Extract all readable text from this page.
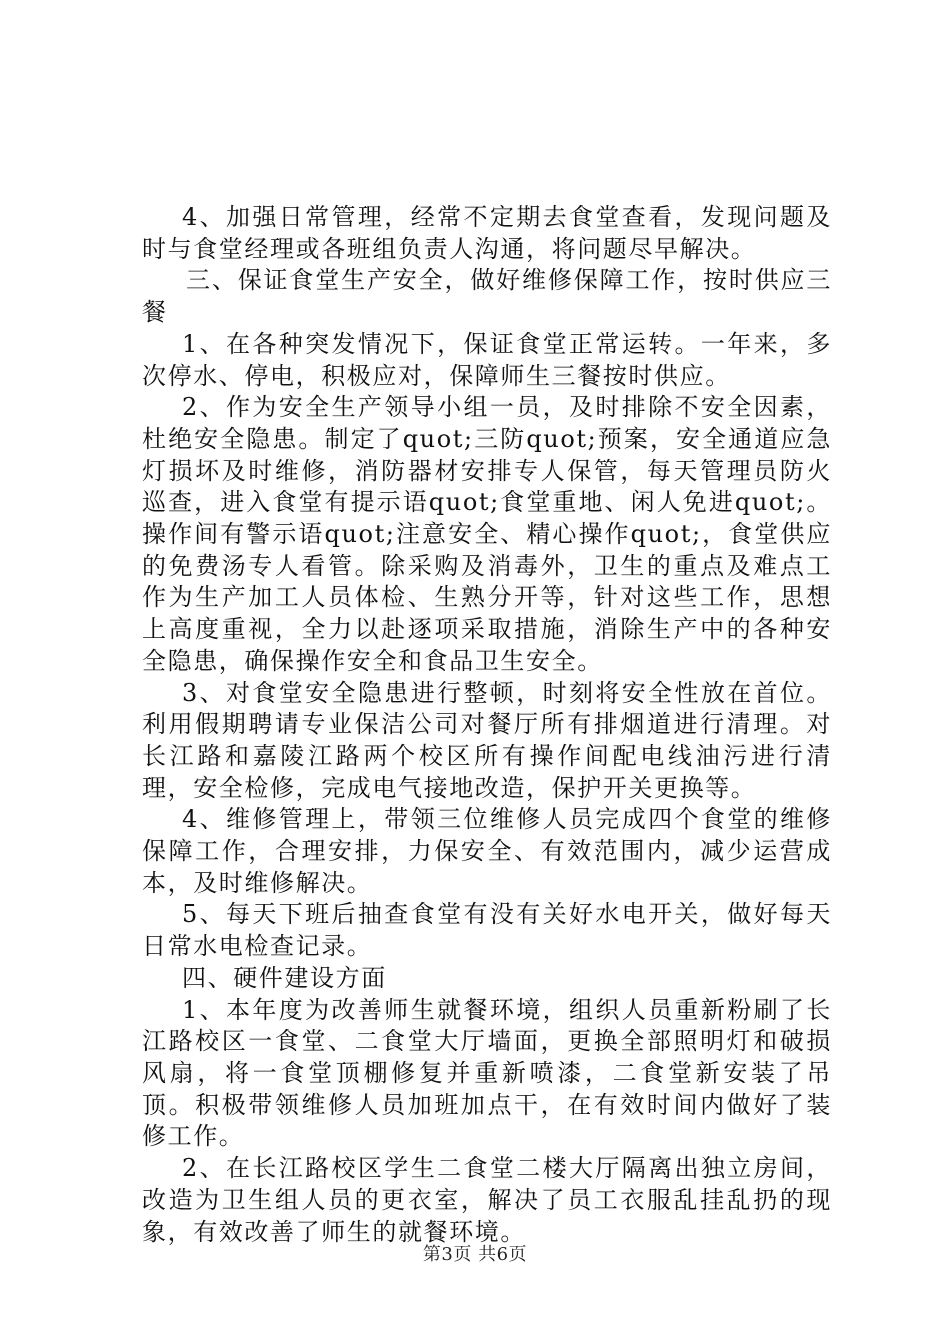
4、加强日常管理，经常不定期去食堂查看，发现问题及时与食堂经理或各班组负责人沟通，将问题尽早解决。

三、保证食堂生产安全，做好维修保障工作，按时供应三餐

1、在各种突发情况下，保证食堂正常运转。一年来，多次停水、停电，积极应对，保障师生三餐按时供应。

2、作为安全生产领导小组一员，及时排除不安全因素，杜绝安全隐患。制定了quot;三防quot;预案，安全通道应急灯损坏及时维修，消防器材安排专人保管，每天管理员防火巡查，进入食堂有提示语quot;食堂重地、闲人免进quot;。操作间有警示语quot;注意安全、精心操作quot;，食堂供应的免费汤专人看管。除采购及消毒外，卫生的重点及难点工作为生产加工人员体检、生熟分开等，针对这些工作，思想上高度重视，全力以赴逐项采取措施，消除生产中的各种安全隐患，确保操作安全和食品卫生安全。

3、对食堂安全隐患进行整顿，时刻将安全性放在首位。利用假期聘请专业保洁公司对餐厅所有排烟道进行清理。对长江路和嘉陵江路两个校区所有操作间配电线油污进行清理，安全检修，完成电气接地改造，保护开关更换等。

4、维修管理上，带领三位维修人员完成四个食堂的维修保障工作，合理安排，力保安全、有效范围内，减少运营成本，及时维修解决。

5、每天下班后抽查食堂有没有关好水电开关，做好每天日常水电检查记录。

四、硬件建设方面

1、本年度为改善师生就餐环境，组织人员重新粉刷了长江路校区一食堂、二食堂大厅墙面，更换全部照明灯和破损风扇，将一食堂顶棚修复并重新喷漆，二食堂新安装了吊顶。积极带领维修人员加班加点干，在有效时间内做好了装修工作。

2、在长江路校区学生二食堂二楼大厅隔离出独立房间，改造为卫生组人员的更衣室，解决了员工衣服乱挂乱扔的现象，有效改善了师生的就餐环境。

第3页 共6页
